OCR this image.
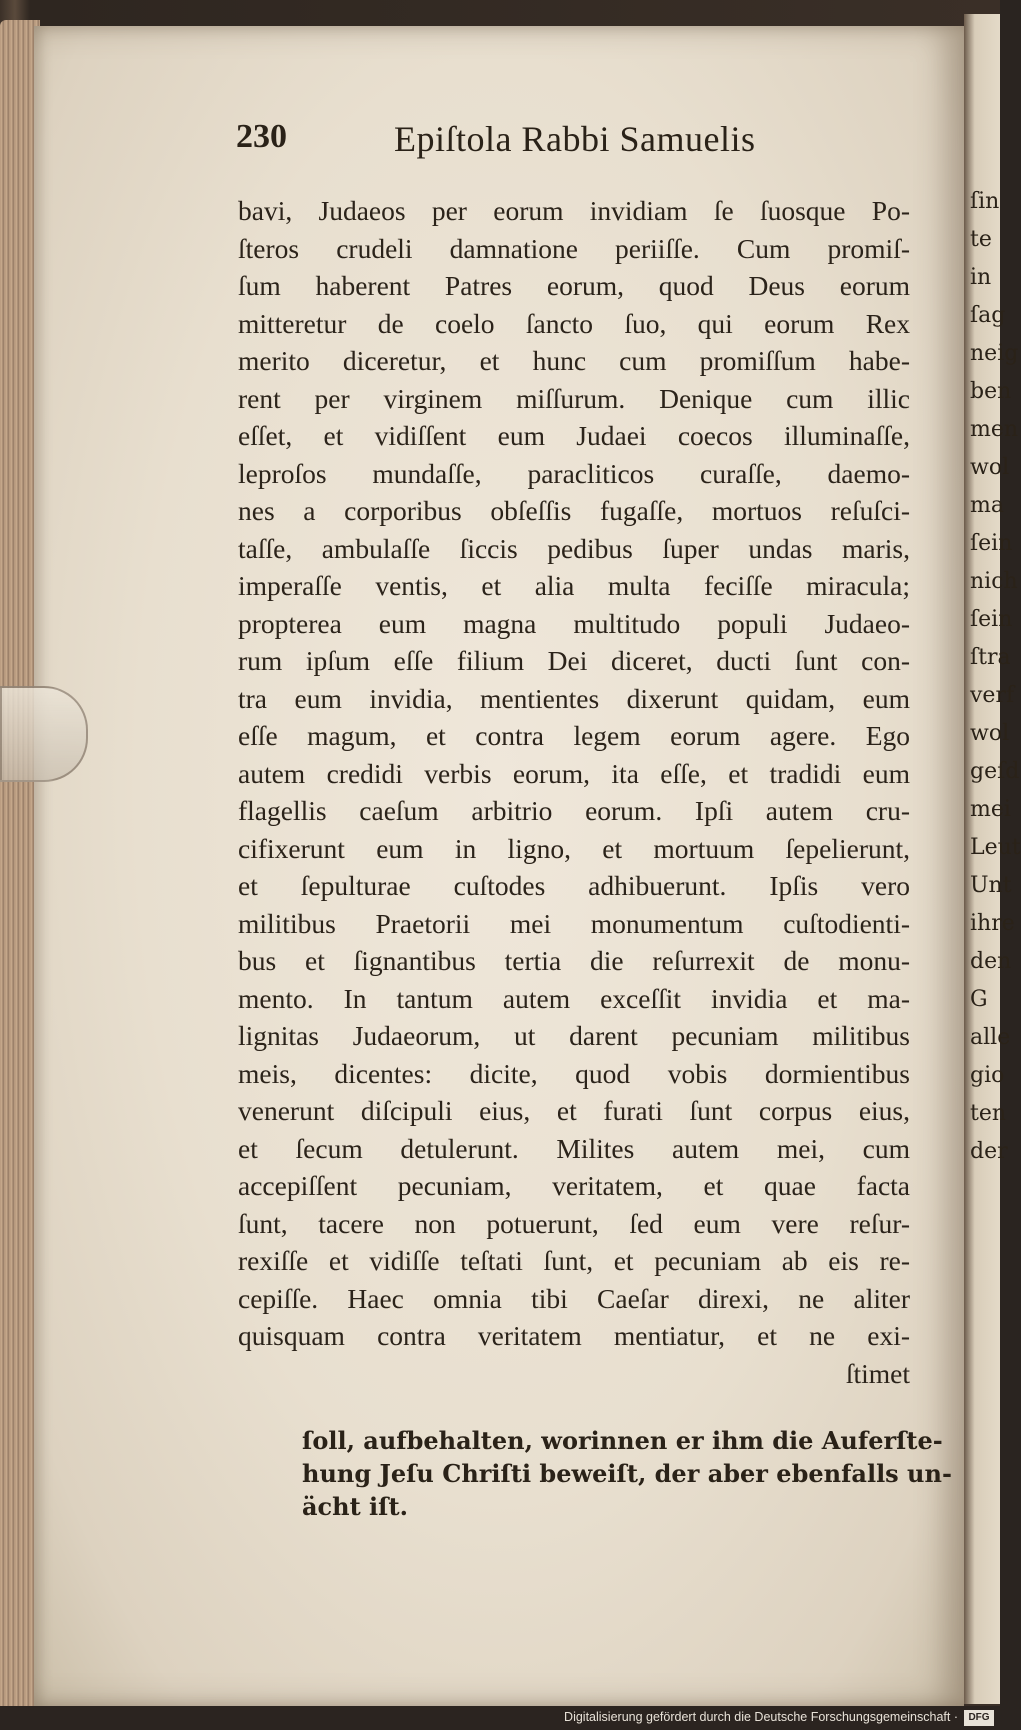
ſin
te
in
ſag
neig
ben
men
wol
ma
ſein
nich
ſein
ſtra
verf
wol
geſd
mei
Leut
Unt
ihre
den
G
alle
gio
ten
der
230	Epiſtola Rabbi Samuelis
bavi, Judaeos per eorum invidiam ſe ſuosque Po-
ſteros crudeli damnatione periiſſe. Cum promiſ-
ſum haberent Patres eorum, quod Deus eorum
mitteretur de coelo ſancto ſuo, qui eorum Rex
merito diceretur, et hunc cum promiſſum habe-
rent per virginem miſſurum. Denique cum illic
eſſet, et vidiſſent eum Judaei coecos illuminaſſe,
leproſos mundaſſe, paracliticos curaſſe, daemo-
nes a corporibus obſeſſis fugaſſe, mortuos reſuſci-
taſſe, ambulaſſe ſiccis pedibus ſuper undas maris,
imperaſſe ventis, et alia multa feciſſe miracula;
propterea eum magna multitudo populi Judaeo-
rum ipſum eſſe filium Dei diceret, ducti ſunt con-
tra eum invidia, mentientes dixerunt quidam, eum
eſſe magum, et contra legem eorum agere. Ego
autem credidi verbis eorum, ita eſſe, et tradidi eum
flagellis caeſum arbitrio eorum. Ipſi autem cru-
cifixerunt eum in ligno, et mortuum ſepelierunt,
et ſepulturae cuſtodes adhibuerunt. Ipſis vero
militibus Praetorii mei monumentum cuſtodienti-
bus et ſignantibus tertia die reſurrexit de monu-
mento. In tantum autem exceſſit invidia et ma-
lignitas Judaeorum, ut darent pecuniam militibus
meis, dicentes: dicite, quod vobis dormientibus
venerunt diſcipuli eius, et furati ſunt corpus eius,
et ſecum detulerunt. Milites autem mei, cum
accepiſſent pecuniam, veritatem, et quae facta
ſunt, tacere non potuerunt, ſed eum vere reſur-
rexiſſe et vidiſſe teſtati ſunt, et pecuniam ab eis re-
cepiſſe. Haec omnia tibi Caeſar direxi, ne aliter
quisquam contra veritatem mentiatur, et ne exi-
ſtimet
ſoll, aufbehalten, worinnen er ihm die Auferſte-
hung Jeſu Chriſti beweiſt, der aber ebenfalls un-
ächt iſt.
Digitalisierung gefördert durch die Deutsche Forschungsgemeinschaft ·	DFG
